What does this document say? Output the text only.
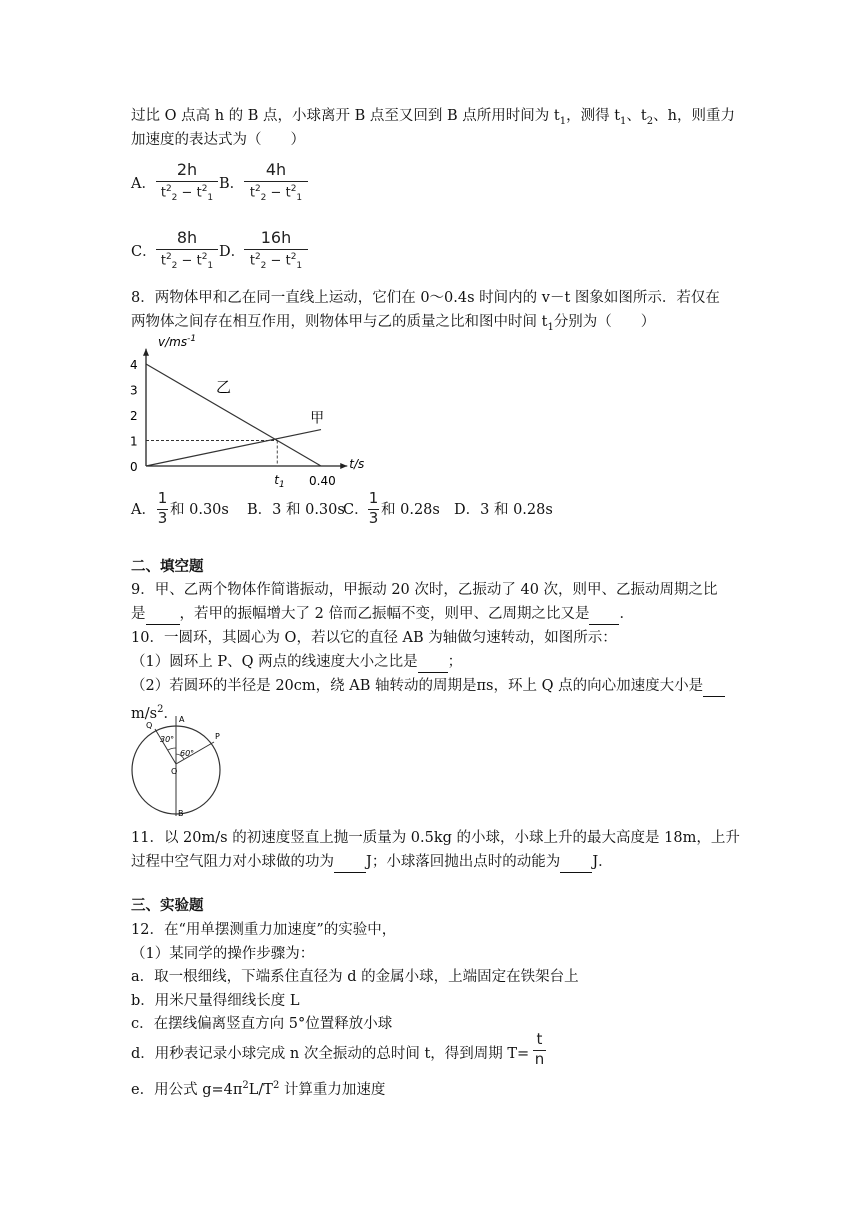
过比 O 点高 h 的 B 点，小球离开 B 点至又回到 B 点所用时间为 $t_1$，测得 $t_1$、$t_2$、h，则重力
加速度的表达式为（　　）
A．
2h
$t^2_2 - t^2_1$
B．
4h
$t^2_2 - t^2_1$
C．
8h
$t^2_2 - t^2_1$
D．
16h
$t^2_2 - t^2_1$
8．两物体甲和乙在同一直线上运动，它们在 0～0.4s 时间内的 v－t 图象如图所示．若仅在
两物体之间存在相互作用，则物体甲与乙的质量之比和图中时间 $t_1$分别为（　　）
0
1
2
3
4
$v/ms^{-1}$
t/s
乙
甲
$t_1$ 0.40
A．
1
3 和 0.30s B．3 和 0.30s
C．
1
3 和 0.28s D．3 和 0.28s
二、填空题
9．甲、乙两个物体作简谐振动，甲振动 20 次时，乙振动了 40 次，则甲、乙振动周期之比
是 ，若甲的振幅增大了 2 倍而乙振幅不变，则甲、乙周期之比又是 ．
10．一圆环，其圆心为 O，若以它的直径 AB 为轴做匀速转动，如图所示：
（1）圆环上 P、Q 两点的线速度大小之比是 ；
（2）若圆环的半径是 20cm，绕 AB 轴转动的周期是πs，环上 Q 点的向心加速度大小是
$m/s^2$．
Q
A
P
O
B
30°
60°
11．以 20m/s 的初速度竖直上抛一质量为 0.5kg 的小球，小球上升的最大高度是 18m，上升
过程中空气阻力对小球做的功为 J；小球落回抛出点时的动能为 J．
三、实验题
12．在“用单摆测重力加速度”的实验中，
（1）某同学的操作步骤为：
a．取一根细线，下端系住直径为 d 的金属小球，上端固定在铁架台上
b．用米尺量得细线长度 L
c．在摆线偏离竖直方向 5°位置释放小球
d．用秒表记录小球完成 n 次全振动的总时间 t，得到周期 T=
t
n
e．用公式 $g=4\pi^2L/T^2$ 计算重力加速度
